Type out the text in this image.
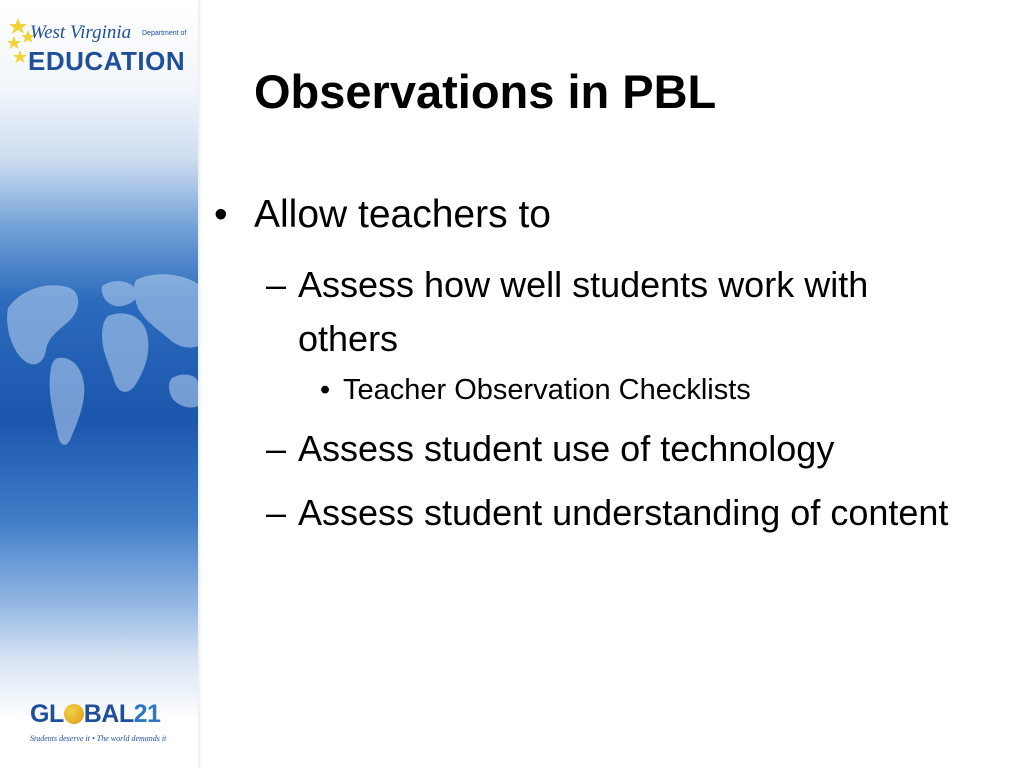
West Virginia Department of
EDUCATION
GL BAL21
Students deserve it • The world demands it
Observations in PBL
• Allow teachers to
– Assess how well students work with others
• Teacher Observation Checklists
– Assess student use of technology
– Assess student understanding of content
